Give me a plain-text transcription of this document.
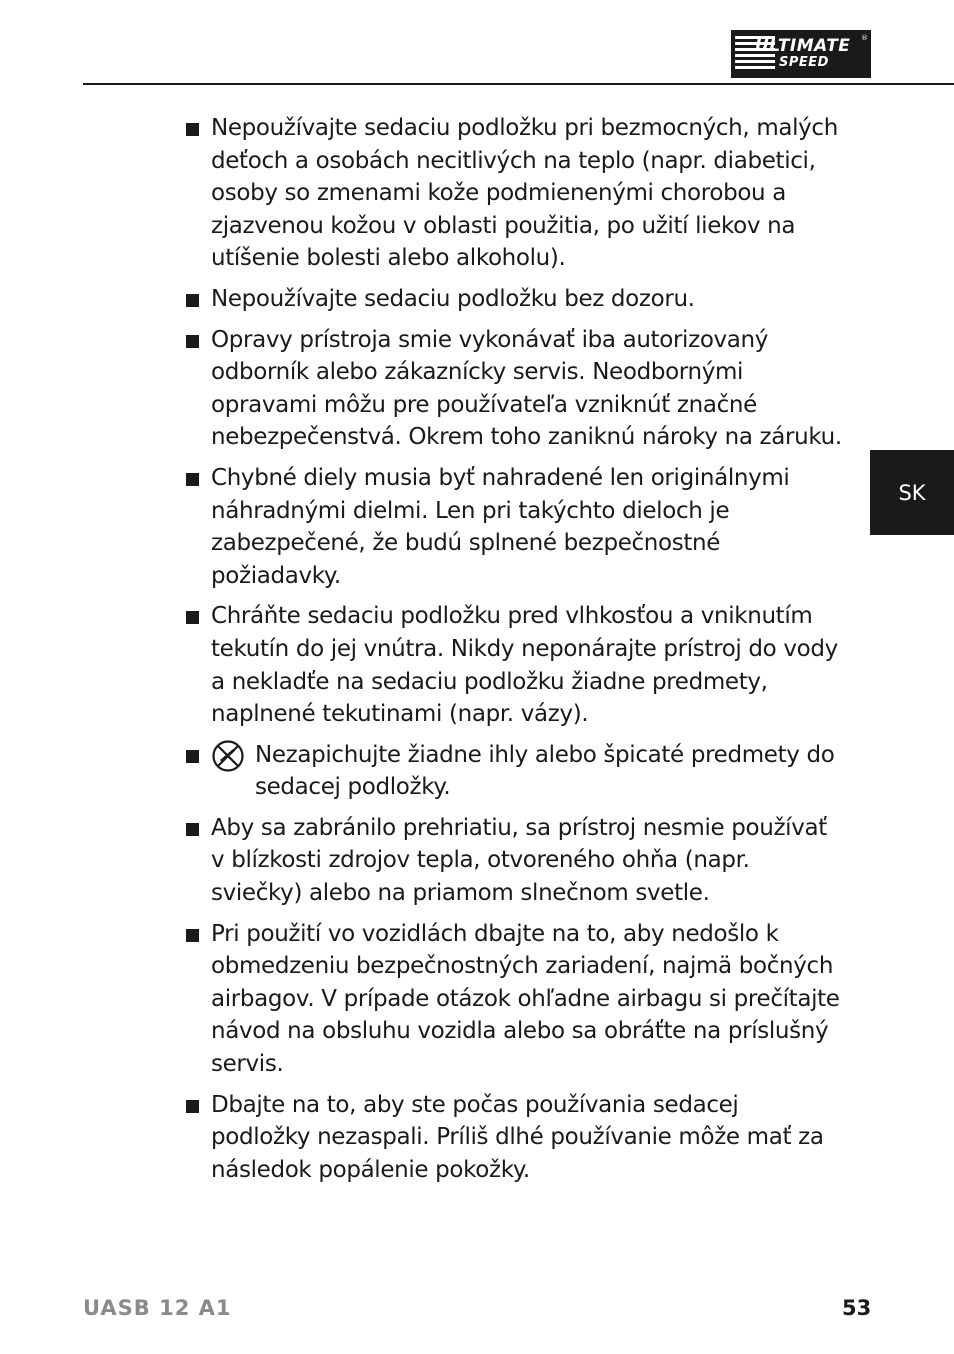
ULTIMATE
SPEED
®
SK
Nepoužívajte sedaciu podložku pri bezmocných, malých deťoch a osobách necitlivých na teplo (napr. diabetici, osoby so zmenami kože podmienenými chorobou a zjazvenou kožou v oblasti použitia, po užití liekov na utíšenie bolesti alebo alkoholu).
Nepoužívajte sedaciu podložku bez dozoru.
Opravy prístroja smie vykonávať iba autorizovaný odborník alebo zákaznícky servis. Neodbornými opravami môžu pre používateľa vzniknúť značné nebezpečenstvá. Okrem toho zaniknú nároky na záruku.
Chybné diely musia byť nahradené len originálnymi náhradnými dielmi. Len pri takýchto dieloch je zabezpečené, že budú splnené bezpečnostné požiadavky.
Chráňte sedaciu podložku pred vlhkosťou a vniknutím tekutín do jej vnútra. Nikdy neponárajte prístroj do vody a nekladťe na sedaciu podložku žiadne predmety, naplnené tekutinami (napr. vázy).
Nezapichujte žiadne ihly alebo špicaté predmety do sedacej podložky.
Aby sa zabránilo prehriatiu, sa prístroj nesmie používať v blízkosti zdrojov tepla, otvoreného ohňa (napr. sviečky) alebo na priamom slnečnom svetle.
Pri použití vo vozidlách dbajte na to, aby nedošlo k obmedzeniu bezpečnostných zariadení, najmä bočných airbagov. V prípade otázok ohľadne airbagu si prečítajte návod na obsluhu vozidla alebo sa obráťte na príslušný servis.
Dbajte na to, aby ste počas používania sedacej podložky nezaspali. Príliš dlhé používanie môže mať za následok popálenie pokožky.
UASB 12 A1	53
